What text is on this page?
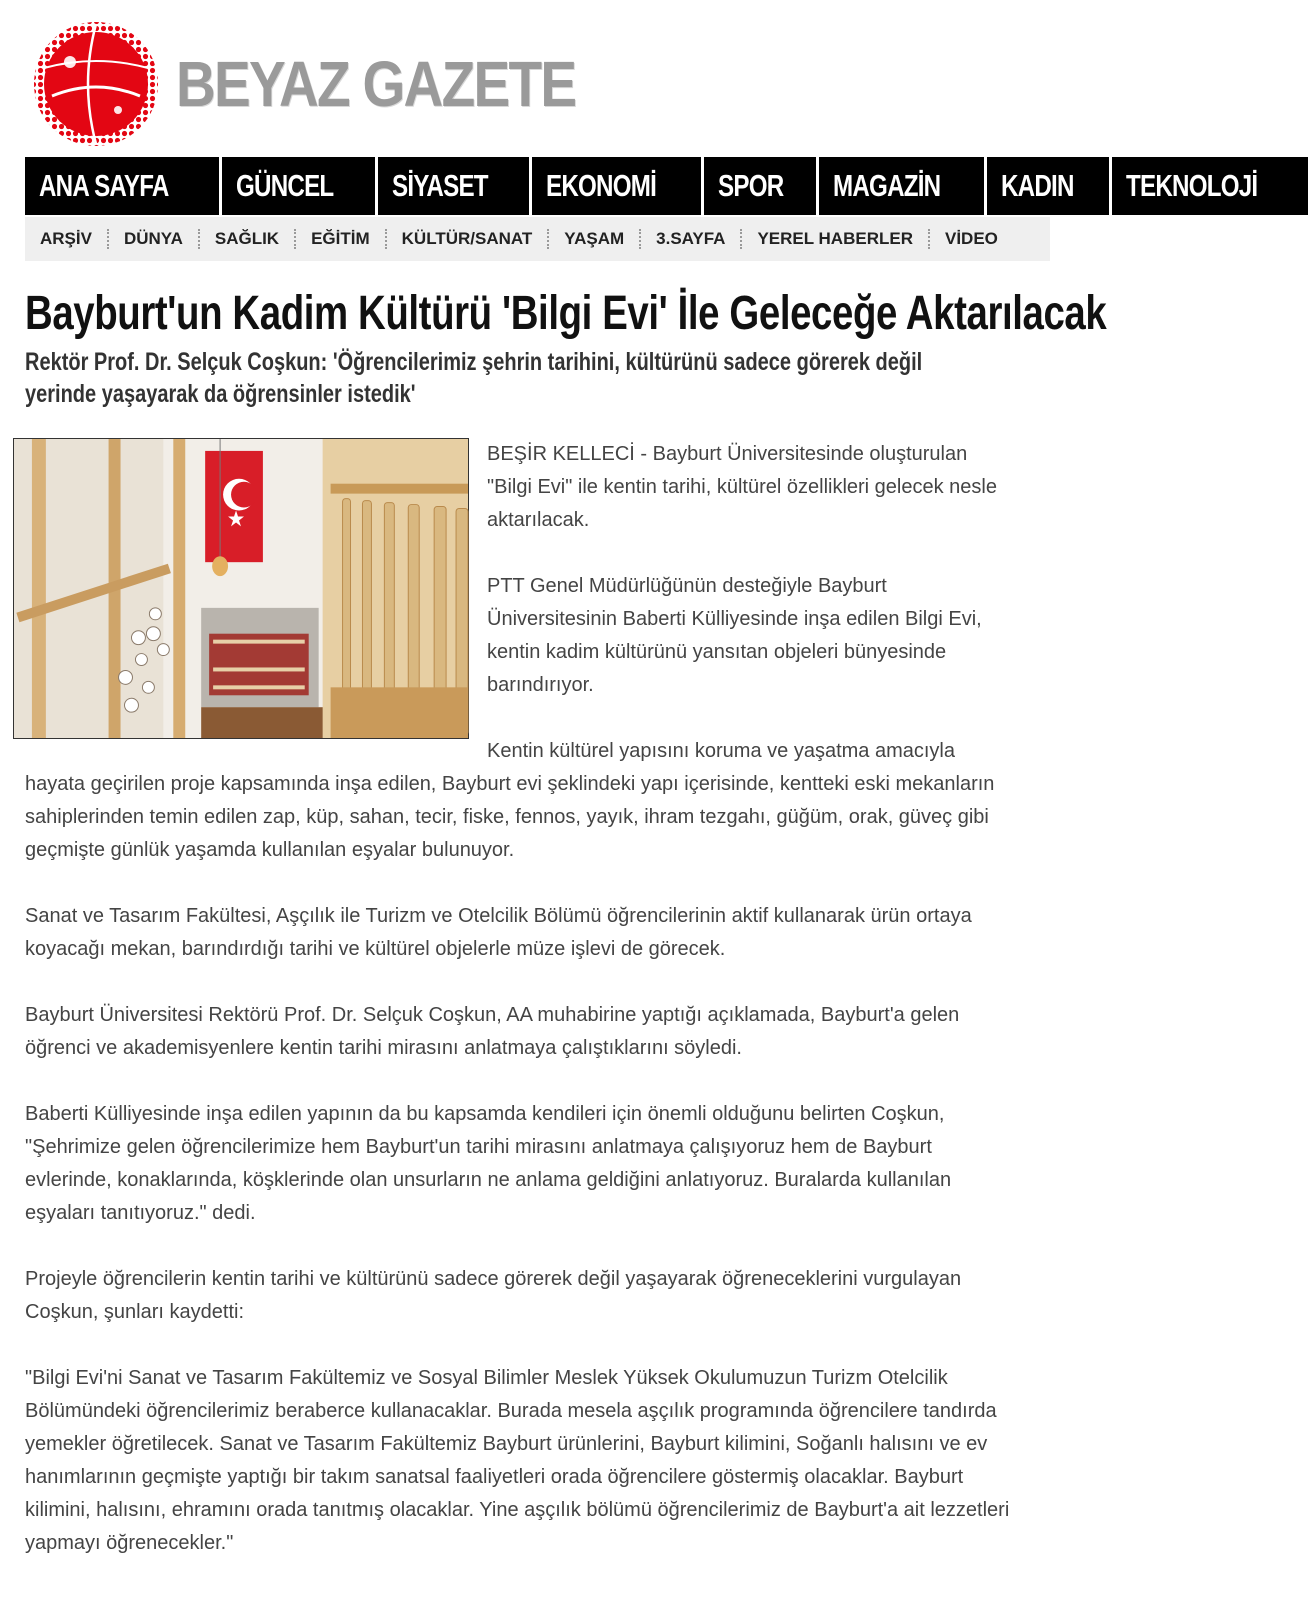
BEYAZ GAZETE
ANA SAYFA	GÜNCEL	SİYASET	EKONOMİ	SPOR	MAGAZİN	KADIN	TEKNOLOJİ
ARŞİV	DÜNYA	SAĞLIK	EĞİTİM	KÜLTÜR/SANAT	YAŞAM	3.SAYFA	YEREL HABERLER	VİDEO
Bayburt'un Kadim Kültürü 'Bilgi Evi' İle Geleceğe Aktarılacak
Rektör Prof. Dr. Selçuk Coşkun: 'Öğrencilerimiz şehrin tarihini, kültürünü sadece görerek değil yerinde yaşayarak da öğrensinler istedik'

BEŞİR KELLECİ - Bayburt Üniversitesinde oluşturulan "Bilgi Evi" ile kentin tarihi, kültürel özellikleri gelecek nesle aktarılacak.

PTT Genel Müdürlüğünün desteğiyle Bayburt Üniversitesinin Baberti Külliyesinde inşa edilen Bilgi Evi, kentin kadim kültürünü yansıtan objeleri bünyesinde barındırıyor.

Kentin kültürel yapısını koruma ve yaşatma amacıyla hayata geçirilen proje kapsamında inşa edilen, Bayburt evi şeklindeki yapı içerisinde, kentteki eski mekanların sahiplerinden temin edilen zap, küp, sahan, tecir, fiske, fennos, yayık, ihram tezgahı, güğüm, orak, güveç gibi geçmişte günlük yaşamda kullanılan eşyalar bulunuyor.

Sanat ve Tasarım Fakültesi, Aşçılık ile Turizm ve Otelcilik Bölümü öğrencilerinin aktif kullanarak ürün ortaya koyacağı mekan, barındırdığı tarihi ve kültürel objelerle müze işlevi de görecek.

Bayburt Üniversitesi Rektörü Prof. Dr. Selçuk Coşkun, AA muhabirine yaptığı açıklamada, Bayburt'a gelen öğrenci ve akademisyenlere kentin tarihi mirasını anlatmaya çalıştıklarını söyledi.

Baberti Külliyesinde inşa edilen yapının da bu kapsamda kendileri için önemli olduğunu belirten Coşkun, "Şehrimize gelen öğrencilerimize hem Bayburt'un tarihi mirasını anlatmaya çalışıyoruz hem de Bayburt evlerinde, konaklarında, köşklerinde olan unsurların ne anlama geldiğini anlatıyoruz. Buralarda kullanılan eşyaları tanıtıyoruz." dedi.

Projeyle öğrencilerin kentin tarihi ve kültürünü sadece görerek değil yaşayarak öğreneceklerini vurgulayan Coşkun, şunları kaydetti:

"Bilgi Evi'ni Sanat ve Tasarım Fakültemiz ve Sosyal Bilimler Meslek Yüksek Okulumuzun Turizm Otelcilik Bölümündeki öğrencilerimiz beraberce kullanacaklar. Burada mesela aşçılık programında öğrencilere tandırda yemekler öğretilecek. Sanat ve Tasarım Fakültemiz Bayburt ürünlerini, Bayburt kilimini, Soğanlı halısını ve ev hanımlarının geçmişte yaptığı bir takım sanatsal faaliyetleri orada öğrencilere göstermiş olacaklar. Bayburt kilimini, halısını, ehramını orada tanıtmış olacaklar. Yine aşçılık bölümü öğrencilerimiz de Bayburt'a ait lezzetleri yapmayı öğrenecekler."
